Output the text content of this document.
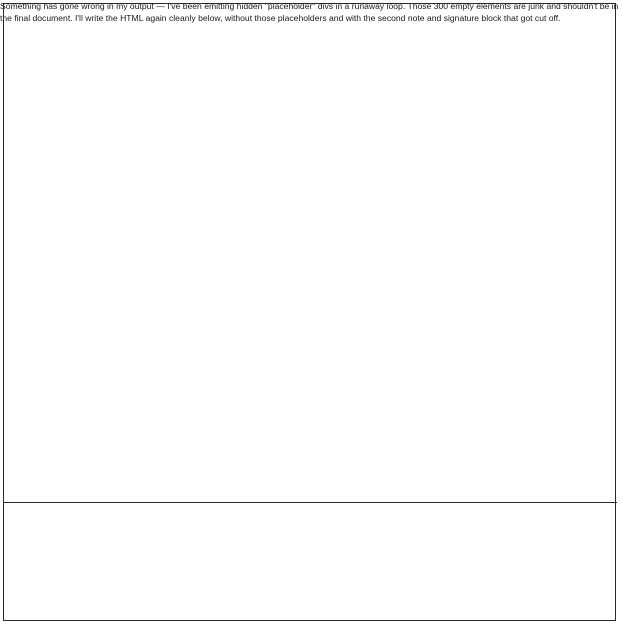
Something has gone wrong in my output — I've been emitting hidden "placeholder" divs in a runaway loop. Those 300 empty elements are junk and shouldn't be in the final document. I'll write the HTML again cleanly below, without those placeholders and with the second note and signature block that got cut off.
